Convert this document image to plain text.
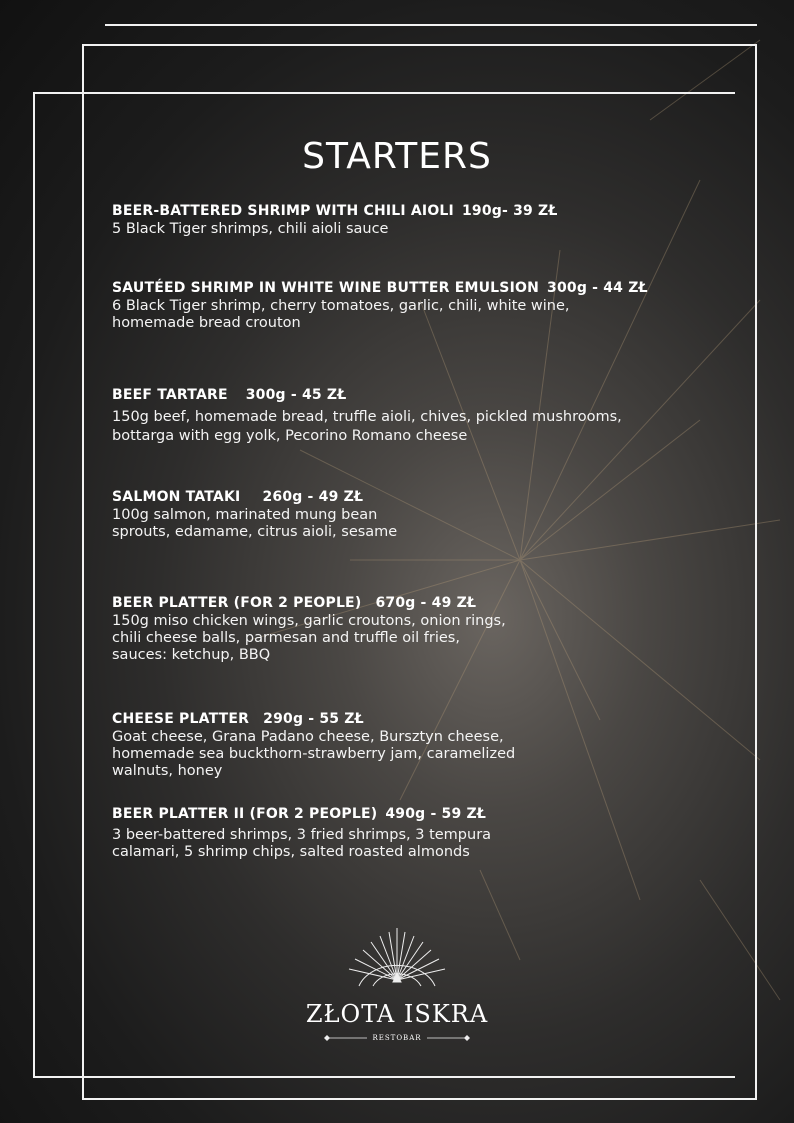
STARTERS
BEER-BATTERED SHRIMP WITH CHILI AIOLI 190g- 39 ZŁ
5 Black Tiger shrimps, chili aioli sauce
SAUTÉED SHRIMP IN WHITE WINE BUTTER EMULSION 300g - 44 ZŁ
6 Black Tiger shrimp, cherry tomatoes, garlic, chili, white wine, homemade bread crouton
BEEF TARTARE 300g - 45 ZŁ
150g beef, homemade bread, truffle aioli, chives, pickled mushrooms, bottarga with egg yolk, Pecorino Romano cheese
SALMON TATAKI 260g - 49 ZŁ
100g salmon, marinated mung bean sprouts, edamame, citrus aioli, sesame
BEER PLATTER (FOR 2 PEOPLE) 670g - 49 ZŁ
150g miso chicken wings, garlic croutons, onion rings, chili cheese balls, parmesan and truffle oil fries, sauces: ketchup, BBQ
CHEESE PLATTER 290g - 55 ZŁ
Goat cheese, Grana Padano cheese, Bursztyn cheese, homemade sea buckthorn-strawberry jam, caramelized walnuts, honey
BEER PLATTER II (FOR 2 PEOPLE) 490g - 59 ZŁ
3 beer-battered shrimps, 3 fried shrimps, 3 tempura calamari, 5 shrimp chips, salted roasted almonds
ZŁOTA ISKRA
RESTOBAR
